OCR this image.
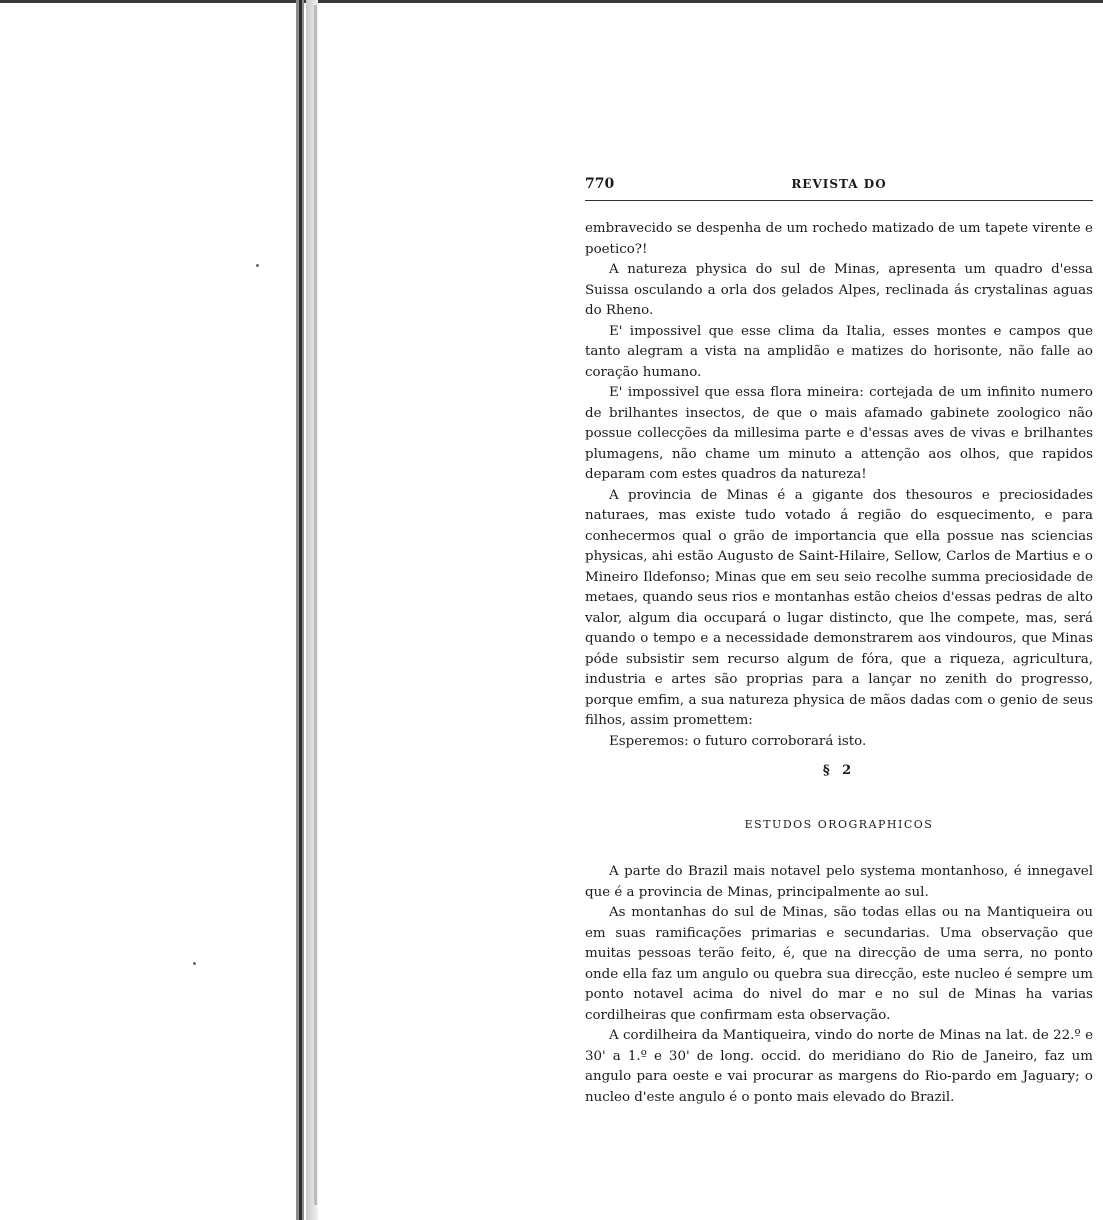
770	REVISTA DO

embravecido se despenha de um rochedo matizado de um tapete virente e poetico?!

A natureza physica do sul de Minas, apresenta um quadro d'essa Suissa osculando a orla dos gelados Alpes, reclinada ás crystalinas aguas do Rheno.

E' impossivel que esse clima da Italia, esses montes e campos que tanto alegram a vista na amplidão e matizes do horisonte, não falle ao coração humano.

E' impossivel que essa flora mineira: cortejada de um infinito numero de brilhantes insectos, de que o mais afamado gabinete zoologico não possue collecções da millesima parte e d'essas aves de vivas e brilhantes plumagens, não chame um minuto a attenção aos olhos, que rapidos deparam com estes quadros da natureza!

A provincia de Minas é a gigante dos thesouros e preciosidades naturaes, mas existe tudo votado á região do esquecimento, e para conhecermos qual o grão de importancia que ella possue nas sciencias physicas, ahi estão Augusto de Saint-Hilaire, Sellow, Carlos de Martius e o Mineiro Ildefonso; Minas que em seu seio recolhe summa preciosidade de metaes, quando seus rios e montanhas estão cheios d'essas pedras de alto valor, algum dia occupará o lugar distincto, que lhe compete, mas, será quando o tempo e a necessidade demonstrarem aos vindouros, que Minas póde subsistir sem recurso algum de fóra, que a riqueza, agricultura, industria e artes são proprias para a lançar no zenith do progresso, porque emfim, a sua natureza physica de mãos dadas com o genio de seus filhos, assim promettem:

Esperemos: o futuro corroborará isto.

§ 2
ESTUDOS OROGRAPHICOS

A parte do Brazil mais notavel pelo systema montanhoso, é innegavel que é a provincia de Minas, principalmente ao sul.

As montanhas do sul de Minas, são todas ellas ou na Mantiqueira ou em suas ramificações primarias e secundarias. Uma observação que muitas pessoas terão feito, é, que na direcção de uma serra, no ponto onde ella faz um angulo ou quebra sua direcção, este nucleo é sempre um ponto notavel acima do nivel do mar e no sul de Minas ha varias cordilheiras que confirmam esta observação.

A cordilheira da Mantiqueira, vindo do norte de Minas na lat. de 22.º e 30' a 1.º e 30' de long. occid. do meridiano do Rio de Janeiro, faz um angulo para oeste e vai procurar as margens do Rio-pardo em Jaguary; o nucleo d'este angulo é o ponto mais elevado do Brazil.
